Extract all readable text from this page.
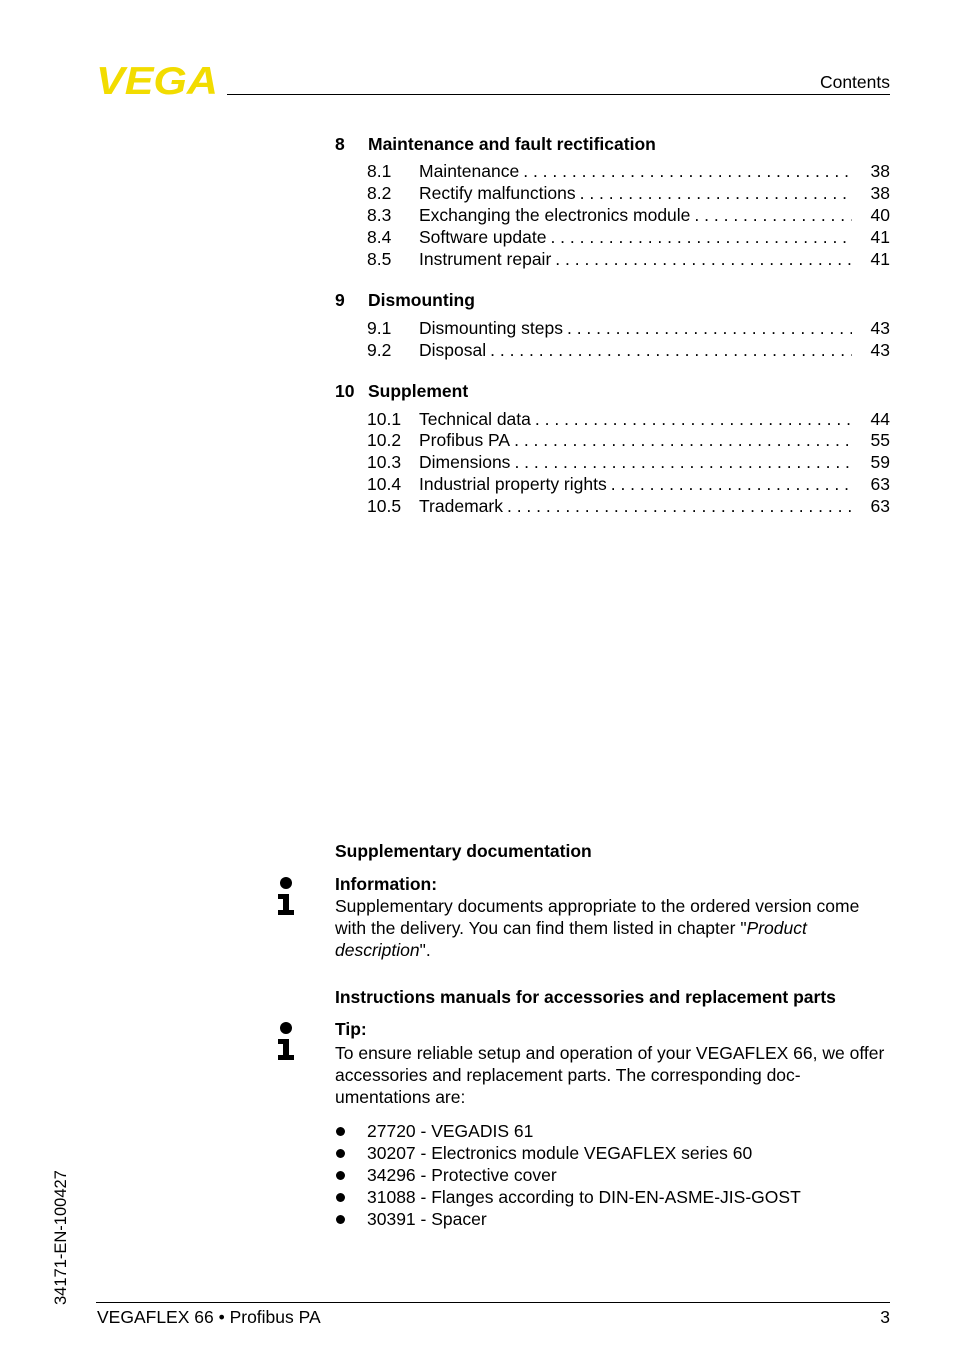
VEGA	Contents
8 Maintenance and fault rectification
8.1	Maintenance . . .	38
8.2	Rectify malfunctions . . .	38
8.3	Exchanging the electronics module . . .	40
8.4	Software update . . .	41
8.5	Instrument repair . . .	41
9 Dismounting
9.1	Dismounting steps . . .	43
9.2	Disposal . . .	43
10 Supplement
10.1	Technical data . . .	44
10.2	Profibus PA . . .	55
10.3	Dimensions . . .	59
10.4	Industrial property rights . . .	63
10.5	Trademark . . .	63
Supplementary documentation
Information:
Supplementary documents appropriate to the ordered version come with the delivery. You can find them listed in chapter "Product description".
Instructions manuals for accessories and replacement parts
Tip:
To ensure reliable setup and operation of your VEGAFLEX 66, we offer accessories and replacement parts. The corresponding doc-umentations are:
27720 - VEGADIS 61
30207 - Electronics module VEGAFLEX series 60
34296 - Protective cover
31088 - Flanges according to DIN-EN-ASME-JIS-GOST
30391 - Spacer
34171-EN-100427
VEGAFLEX 66 • Profibus PA	3
